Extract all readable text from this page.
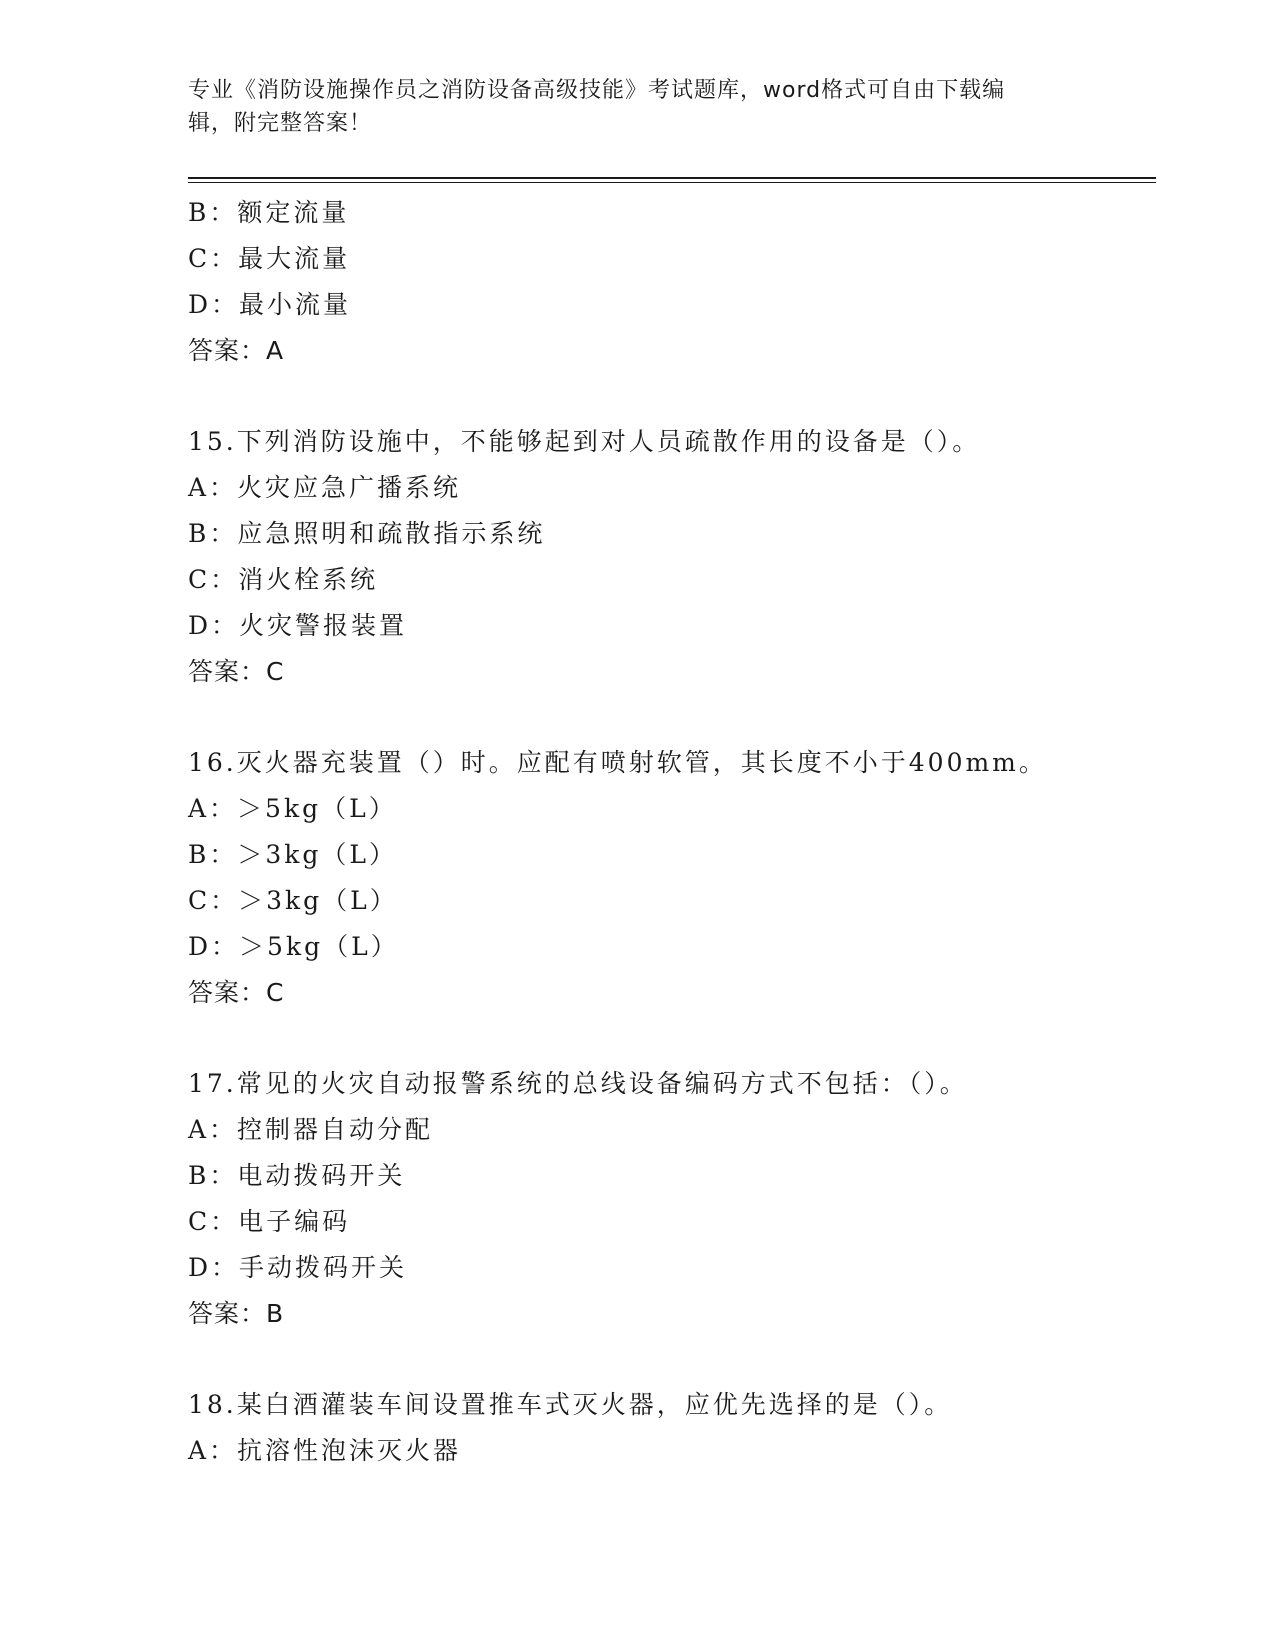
专业《消防设施操作员之消防设备高级技能》考试题库，word格式可自由下载编
辑，附完整答案！
B：额定流量
C：最大流量
D：最小流量
答案：A
15.下列消防设施中，不能够起到对人员疏散作用的设备是（）。
A：火灾应急广播系统
B：应急照明和疏散指示系统
C：消火栓系统
D：火灾警报装置
答案：C
16.灭火器充装置（）时。应配有喷射软管，其长度不小于400mm。
A：＞5kg（L）
B：＞3kg（L）
C：＞3kg（L）
D：＞5kg（L）
答案：C
17.常见的火灾自动报警系统的总线设备编码方式不包括：（）。
A：控制器自动分配
B：电动拨码开关
C：电子编码
D：手动拨码开关
答案：B
18.某白酒灌装车间设置推车式灭火器，应优先选择的是（）。
A：抗溶性泡沫灭火器
